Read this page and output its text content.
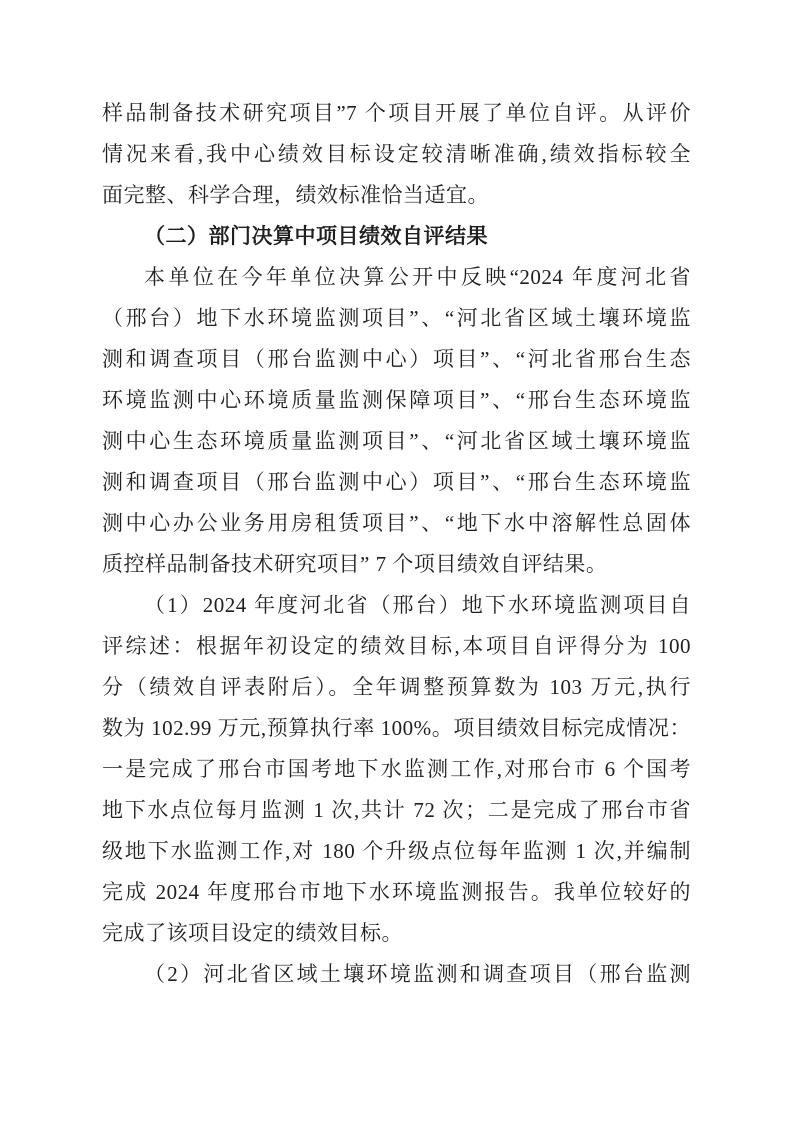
样品制备技术研究项目”7 个项目开展了单位自评。从评价
情况来看,我中心绩效目标设定较清晰准确,绩效指标较全
面完整、科学合理，绩效标准恰当适宜。
（二）部门决算中项目绩效自评结果
本单位在今年单位决算公开中反映“2024 年度河北省
（邢台）地下水环境监测项目”、“河北省区域土壤环境监
测和调查项目（邢台监测中心）项目”、“河北省邢台生态
环境监测中心环境质量监测保障项目”、“邢台生态环境监
测中心生态环境质量监测项目”、“河北省区域土壤环境监
测和调查项目（邢台监测中心）项目”、“邢台生态环境监
测中心办公业务用房租赁项目”、“地下水中溶解性总固体
质控样品制备技术研究项目” 7 个项目绩效自评结果。
（1）2024 年度河北省（邢台）地下水环境监测项目自
评综述：根据年初设定的绩效目标,本项目自评得分为 100
分（绩效自评表附后）。全年调整预算数为 103 万元,执行
数为 102.99 万元,预算执行率 100%。项目绩效目标完成情况：
一是完成了邢台市国考地下水监测工作,对邢台市 6 个国考
地下水点位每月监测 1 次,共计 72 次；二是完成了邢台市省
级地下水监测工作,对 180 个升级点位每年监测 1 次,并编制
完成 2024 年度邢台市地下水环境监测报告。我单位较好的
完成了该项目设定的绩效目标。
（2）河北省区域土壤环境监测和调查项目（邢台监测
